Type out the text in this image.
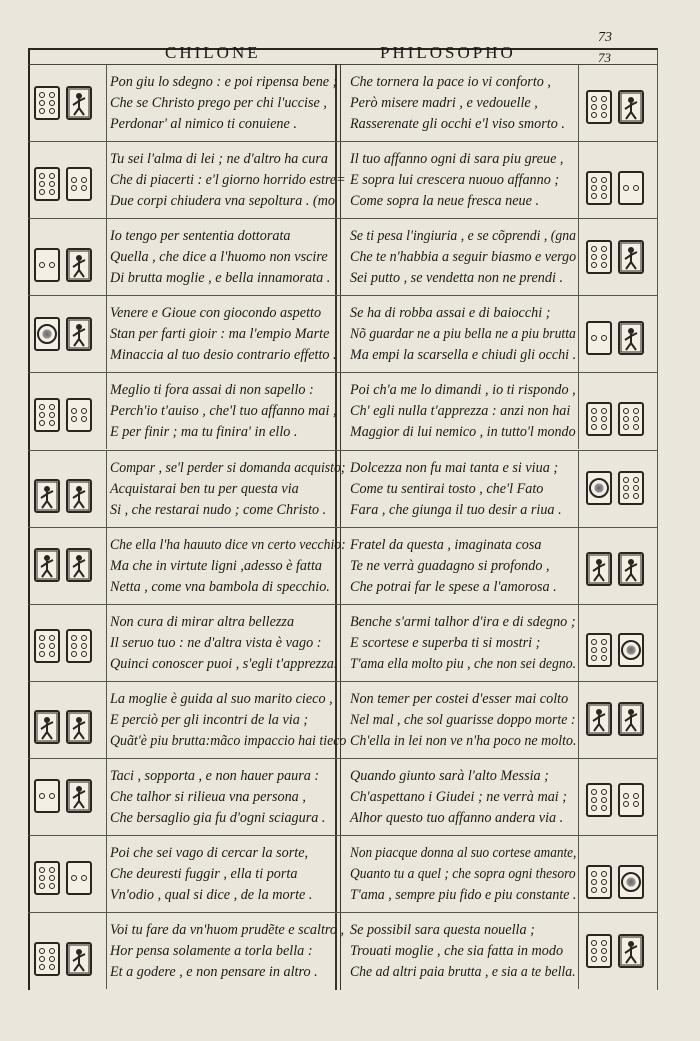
73
73
CHILONE	PHILOSOPHO
Pon giu lo sdegno : e poi ripensa bene ;
Che se Christo prego per chi l'uccise ,
Perdonar' al nimico ti conuiene .
Che tornera la pace io vi conforto ,
Però misere madri , e vedouelle ,
Rasserenate gli occhi e'l viso smorto .
Tu sei l'alma di lei ; ne d'altro ha cura
Che di piacerti : e'l giorno horrido estre=
Due corpi chiudera vna sepoltura . (mo
Il tuo affanno ogni di sara piu greue ,
E sopra lui crescera nuouo affanno ;
Come sopra la neue fresca neue .
Io tengo per sententia dottorata
Quella , che dice a l'huomo non vscire
Di brutta moglie , e bella innamorata .
Se ti pesa l'ingiuria , e se cõprendi , (gna
Che te n'habbia a seguir biasmo e vergo
Sei putto , se vendetta non ne prendi .
Venere e Gioue con giocondo aspetto
Stan per farti gioir : ma l'empio Marte
Minaccia al tuo desio contrario effetto .
Se ha di robba assai e di baiocchi ;
Nõ guardar ne a piu bella ne a piu brutta
Ma empi la scarsella e chiudi gli occhi .
Meglio ti fora assai di non sapello :
Perch'io t'auiso , che'l tuo affanno mai ,
E per finir ; ma tu finira' in ello .
Poi ch'a me lo dimandi , io ti rispondo ,
Ch' egli nulla t'apprezza : anzi non hai
Maggior di lui nemico , in tutto'l mondo
Compar , se'l perder si domanda acquisto;
Acquistarai ben tu per questa via
Si , che restarai nudo ; come Christo .
Dolcezza non fu mai tanta e si viua ;
Come tu sentirai tosto , che'l Fato
Fara , che giunga il tuo desir a riua .
Che ella l'ha hauuto dice vn certo vecchio:
Ma che in virtute ligni ,adesso è fatta
Netta , come vna bambola di specchio.
Fratel da questa , imaginata cosa
Te ne verrà guadagno si profondo ,
Che potrai far le spese a l'amorosa .
Non cura di mirar altra bellezza
Il seruo tuo : ne d'altra vista è vago :
Quinci conoscer puoi , s'egli t'apprezza.
Benche s'armi talhor d'ira e di sdegno ;
E scortese e superba ti si mostri ;
T'ama ella molto piu , che non sei degno.
La moglie è guida al suo marito cieco ,
E perciò per gli incontri de la via ;
Quãt'è piu brutta:mãco impaccio hai tieco
Non temer per costei d'esser mai colto
Nel mal , che sol guarisse doppo morte :
Ch'ella in lei non ve n'ha poco ne molto.
Taci , sopporta , e non hauer paura :
Che talhor si rilieua vna persona ,
Che bersaglio gia fu d'ogni sciagura .
Quando giunto sarà l'alto Messia ;
Ch'aspettano i Giudei ; ne verrà mai ;
Alhor questo tuo affanno andera via .
Poi che sei vago di cercar la sorte,
Che deuresti fuggir , ella ti porta
Vn'odio , qual si dice , de la morte .
Non piacque donna al suo cortese amante,
Quanto tu a quel ; che sopra ogni thesoro
T'ama , sempre piu fido e piu constante .
Voi tu fare da vn'huom prudẽte e scaltro ,
Hor pensa solamente a torla bella :
Et a godere , e non pensare in altro .
Se possibil sara questa nouella ;
Trouati moglie , che sia fatta in modo
Che ad altri paia brutta , e sia a te bella.
